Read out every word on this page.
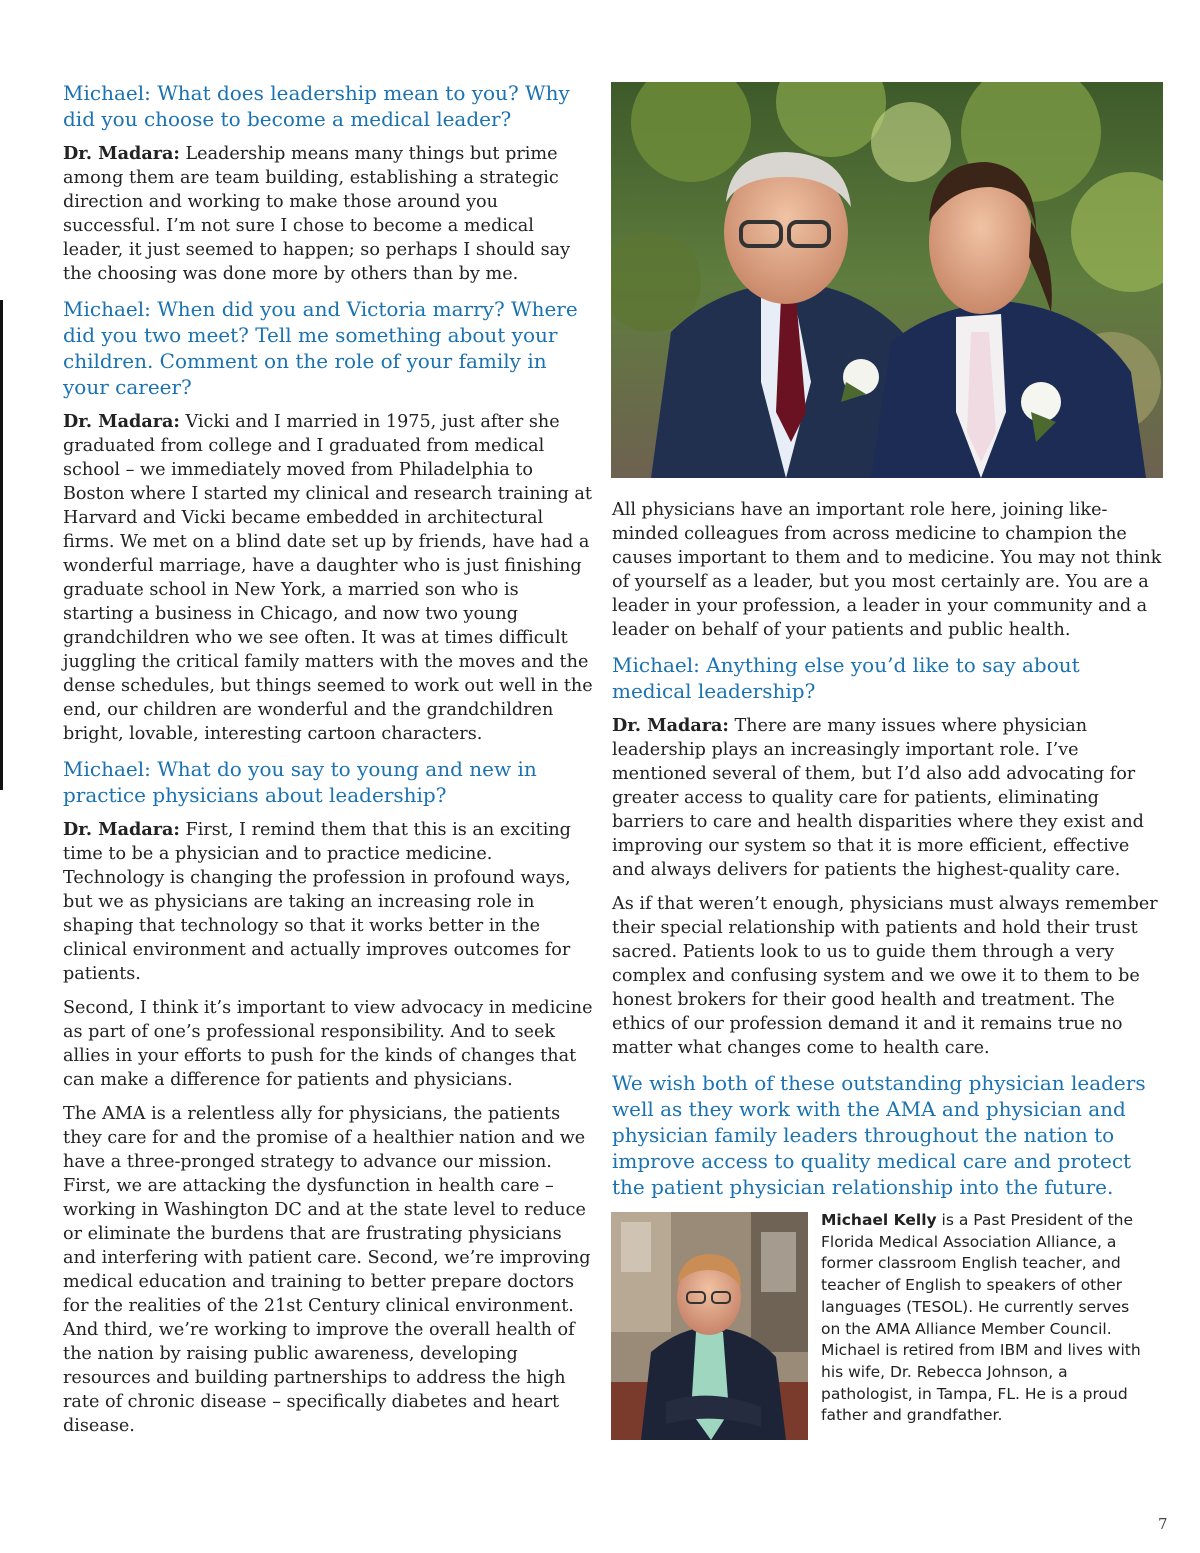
Michael: What does leadership mean to you? Why did you choose to become a medical leader?

Dr. Madara: Leadership means many things but prime among them are team building, establishing a strategic direction and working to make those around you successful. I’m not sure I chose to become a medical leader, it just seemed to happen; so perhaps I should say the choosing was done more by others than by me.

Michael: When did you and Victoria marry? Where did you two meet? Tell me something about your children. Comment on the role of your family in your career?

Dr. Madara: Vicki and I married in 1975, just after she graduated from college and I graduated from medical school – we immediately moved from Philadelphia to Boston where I started my clinical and research training at Harvard and Vicki became embedded in architectural firms. We met on a blind date set up by friends, have had a wonderful marriage, have a daughter who is just finishing graduate school in New York, a married son who is starting a business in Chicago, and now two young grandchildren who we see often. It was at times difficult juggling the critical family matters with the moves and the dense schedules, but things seemed to work out well in the end, our children are wonderful and the grandchildren bright, lovable, interesting cartoon characters.

Michael: What do you say to young and new in practice physicians about leadership?

Dr. Madara: First, I remind them that this is an exciting time to be a physician and to practice medicine. Technology is changing the profession in profound ways, but we as physicians are taking an increasing role in shaping that technology so that it works better in the clinical environment and actually improves outcomes for patients.

Second, I think it’s important to view advocacy in medicine as part of one’s professional responsibility. And to seek allies in your efforts to push for the kinds of changes that can make a difference for patients and physicians.

The AMA is a relentless ally for physicians, the patients they care for and the promise of a healthier nation and we have a three-pronged strategy to advance our mission. First, we are attacking the dysfunction in health care – working in Washington DC and at the state level to reduce or eliminate the burdens that are frustrating physicians and interfering with patient care. Second, we’re improving medical education and training to better prepare doctors for the realities of the 21st Century clinical environment. And third, we’re working to improve the overall health of the nation by raising public awareness, developing resources and building partnerships to address the high rate of chronic disease – specifically diabetes and heart disease.

All physicians have an important role here, joining like-minded colleagues from across medicine to champion the causes important to them and to medicine. You may not think of yourself as a leader, but you most certainly are. You are a leader in your profession, a leader in your community and a leader on behalf of your patients and public health.

Michael: Anything else you’d like to say about medical leadership?

Dr. Madara: There are many issues where physician leadership plays an increasingly important role. I’ve mentioned several of them, but I’d also add advocating for greater access to quality care for patients, eliminating barriers to care and health disparities where they exist and improving our system so that it is more efficient, effective and always delivers for patients the highest-quality care.

As if that weren’t enough, physicians must always remember their special relationship with patients and hold their trust sacred. Patients look to us to guide them through a very complex and confusing system and we owe it to them to be honest brokers for their good health and treatment. The ethics of our profession demand it and it remains true no matter what changes come to health care.

We wish both of these outstanding physician leaders well as they work with the AMA and physician and physician family leaders throughout the nation to improve access to quality medical care and protect the patient physician relationship into the future.

Michael Kelly is a Past President of the Florida Medical Association Alliance, a former classroom English teacher, and teacher of English to speakers of other languages (TESOL). He currently serves on the AMA Alliance Member Council. Michael is retired from IBM and lives with his wife, Dr. Rebecca Johnson, a pathologist, in Tampa, FL. He is a proud father and grandfather.
7
